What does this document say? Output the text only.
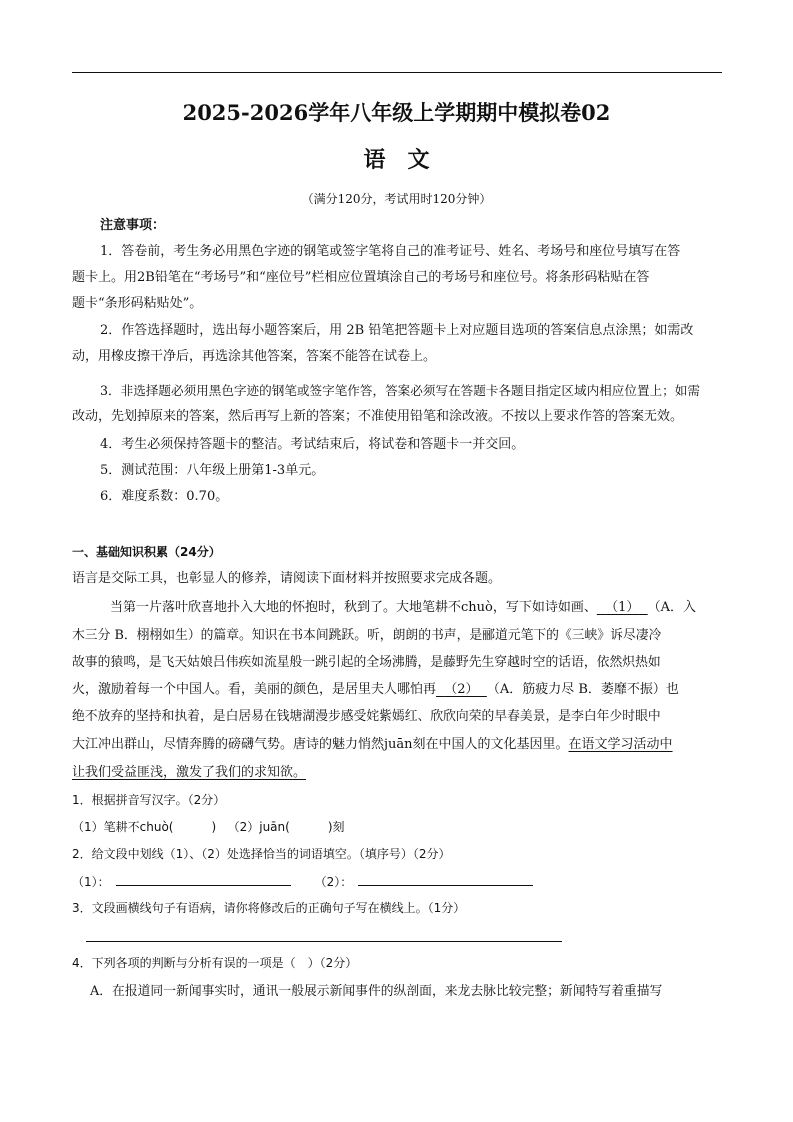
2025-2026学年八年级上学期期中模拟卷02
语　文
（满分120分，考试用时120分钟）
注意事项：
1．答卷前，考生务必用黑色字迹的钢笔或签字笔将自己的准考证号、姓名、考场号和座位号填写在答
题卡上。用2B铅笔在“考场号”和“座位号”栏相应位置填涂自己的考场号和座位号。将条形码粘贴在答
题卡“条形码粘贴处”。
2．作答选择题时，选出每小题答案后，用 2B 铅笔把答题卡上对应题目选项的答案信息点涂黑；如需改
动，用橡皮擦干净后，再选涂其他答案，答案不能答在试卷上。
3．非选择题必须用黑色字迹的钢笔或签字笔作答，答案必须写在答题卡各题目指定区域内相应位置上；如需
改动，先划掉原来的答案，然后再写上新的答案；不准使用铅笔和涂改液。不按以上要求作答的答案无效。
4．考生必须保持答题卡的整洁。考试结束后，将试卷和答题卡一并交回。
5．测试范围：八年级上册第1-3单元。
6．难度系数：0.70。
一、基础知识积累（24分）
语言是交际工具，也彰显人的修养，请阅读下面材料并按照要求完成各题。
当第一片落叶欣喜地扑入大地的怀抱时，秋到了。大地笔耕不chuò，写下如诗如画、 （1） （A．入
木三分 B．栩栩如生）的篇章。知识在书本间跳跃。听，朗朗的书声，是郦道元笔下的《三峡》诉尽凄冷
故事的猿鸣，是飞天姑娘吕伟疾如流星般一跳引起的全场沸腾，是藤野先生穿越时空的话语，依然炽热如
火，激励着每一个中国人。看，美丽的颜色，是居里夫人哪怕再 （2） （A．筋疲力尽 B．萎靡不振）也
绝不放弃的坚持和执着，是白居易在钱塘湖漫步感受姹紫嫣红、欣欣向荣的早春美景，是李白年少时眼中
大江冲出群山，尽情奔腾的磅礴气势。唐诗的魅力悄然juān刻在中国人的文化基因里。在语文学习活动中
让我们受益匪浅，激发了我们的求知欲。
1．根据拼音写汉字。（2分）
（1）笔耕不chuò(	) （2）juān(	)刻
2．给文段中划线（1）、（2）处选择恰当的词语填空。（填序号）（2分）
（1）：	（2）：
3．文段画横线句子有语病，请你将修改后的正确句子写在横线上。（1分）
4．下列各项的判断与分析有误的一项是（　）（2分）
A．在报道同一新闻事实时，通讯一般展示新闻事件的纵剖面，来龙去脉比较完整；新闻特写着重描写
